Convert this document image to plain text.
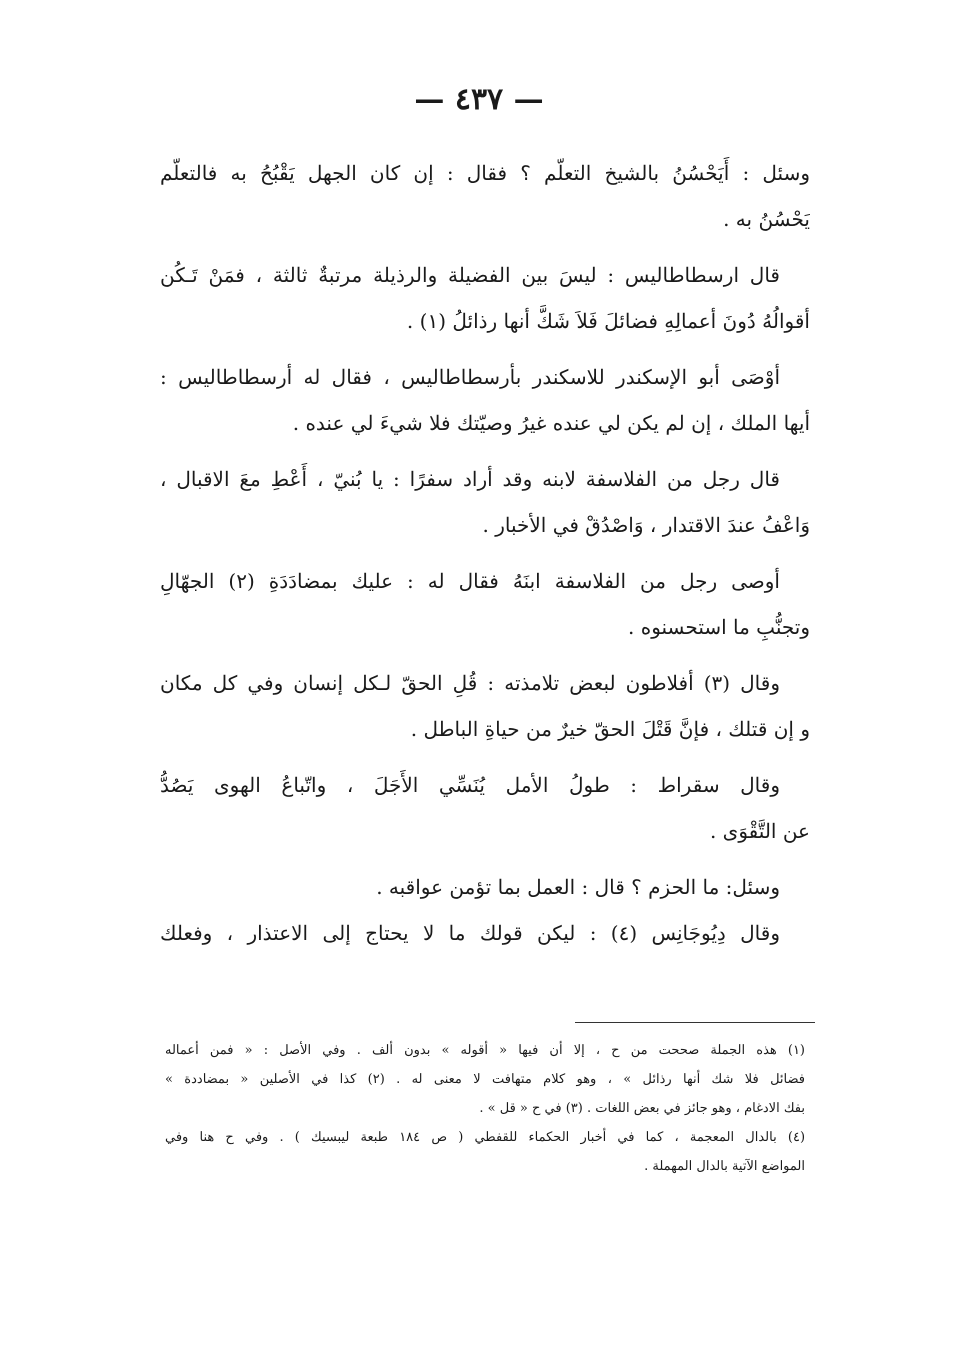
— ٤٣٧ —
وسئل : أَيَحْسُنُ بالشيخ التعلّم ؟ فقال : إن كان الجهل يَقْبُحُ به فالتعلّم
يَحْسُنُ به .
قال ارسطاطاليس : ليسَ بين الفضيلة والرذيلة مرتبةٌ ثالثة ، فمَنْ تَـكُن
أقوالُهُ دُونَ أعمالِهِ فضائلَ فَلاَ شَكَّ أنها رذائلُ (١) .
أوْصَى أبو الإسكندر للاسكندر بأرسطاطاليس ، فقال له أرسطاطاليس :
أيها الملك ، إن لم يكن لي عنده غيرُ وصيّتك فلا شيءَ لي عنده .
قال رجل من الفلاسفة لابنه وقد أراد سفرًا : يا بُنيّ ، أَعْطِ معَ الاقبال ،
وَاعْفُ عندَ الاقتدار ، وَاصْدُقْ في الأخبار .
أوصى رجل من الفلاسفة ابنَهُ فقال له : عليك بمضادَدَةِ (٢) الجهّالِ
وتجنُّبِ ما استحسنوه .
وقال (٣) أفلاطون لبعض تلامذته : قُلِ الحقّ لـكل إنسان وفي كل مكان
و إن قتلك ، فإنَّ قَتْلَ الحقّ خيرٌ من حياةِ الباطل .
وقال سقراط : طولُ الأمل يُنَسِّي الأَجَلَ ، واتّباعُ الهوى يَصُدُّ
عن التَّقْوَى .
وسئل: ما الحزم ؟ قال : العمل بما تؤمن عواقبه .
وقال دِيُوجَانِس (٤) : ليكن قولك ما لا يحتاج إلى الاعتذار ، وفعلك
(١) هذه الجملة صححت من ح ، إلا أن فيها « أقوله » بدون ألف . وفي الأصل : « فمن أعماله
فضائل فلا شك أنها رذائل » ، وهو كلام متهافت لا معنى له . (٢) كذا في الأصلين « بمضاددة »
بفك الادغام ، وهو جائز في بعض اللغات . (٣) في ح « قل » .
(٤) بالدال المعجمة ، كما في أخبار الحكماء للقفطي ( ص ١٨٤ طبعة ليبسيك ) . وفي ح هنا وفي
المواضع الآتية بالدال المهملة .
